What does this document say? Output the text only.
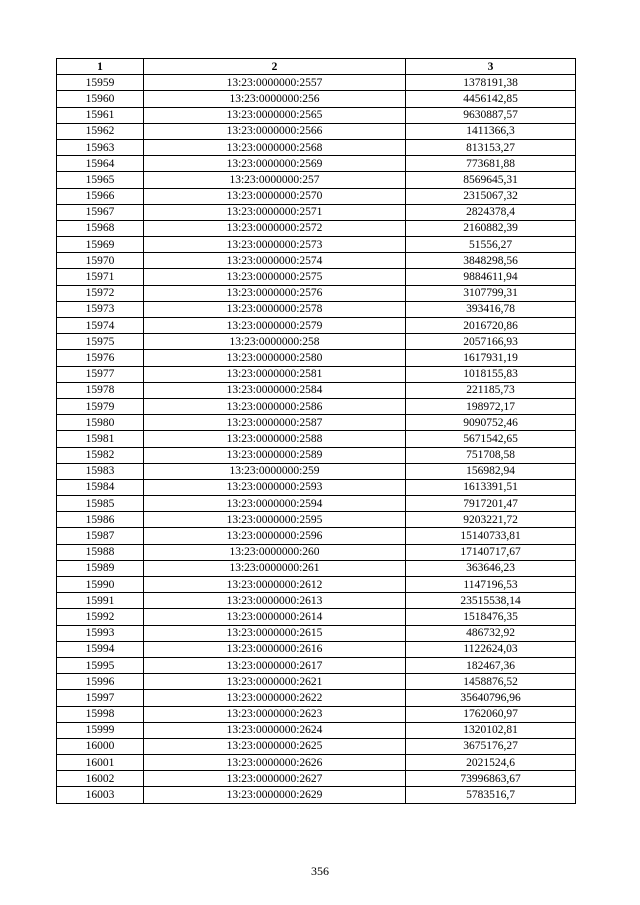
1	2	3
15959	13:23:0000000:2557	1378191,38
15960	13:23:0000000:256	4456142,85
15961	13:23:0000000:2565	9630887,57
15962	13:23:0000000:2566	1411366,3
15963	13:23:0000000:2568	813153,27
15964	13:23:0000000:2569	773681,88
15965	13:23:0000000:257	8569645,31
15966	13:23:0000000:2570	2315067,32
15967	13:23:0000000:2571	2824378,4
15968	13:23:0000000:2572	2160882,39
15969	13:23:0000000:2573	51556,27
15970	13:23:0000000:2574	3848298,56
15971	13:23:0000000:2575	9884611,94
15972	13:23:0000000:2576	3107799,31
15973	13:23:0000000:2578	393416,78
15974	13:23:0000000:2579	2016720,86
15975	13:23:0000000:258	2057166,93
15976	13:23:0000000:2580	1617931,19
15977	13:23:0000000:2581	1018155,83
15978	13:23:0000000:2584	221185,73
15979	13:23:0000000:2586	198972,17
15980	13:23:0000000:2587	9090752,46
15981	13:23:0000000:2588	5671542,65
15982	13:23:0000000:2589	751708,58
15983	13:23:0000000:259	156982,94
15984	13:23:0000000:2593	1613391,51
15985	13:23:0000000:2594	7917201,47
15986	13:23:0000000:2595	9203221,72
15987	13:23:0000000:2596	15140733,81
15988	13:23:0000000:260	17140717,67
15989	13:23:0000000:261	363646,23
15990	13:23:0000000:2612	1147196,53
15991	13:23:0000000:2613	23515538,14
15992	13:23:0000000:2614	1518476,35
15993	13:23:0000000:2615	486732,92
15994	13:23:0000000:2616	1122624,03
15995	13:23:0000000:2617	182467,36
15996	13:23:0000000:2621	1458876,52
15997	13:23:0000000:2622	35640796,96
15998	13:23:0000000:2623	1762060,97
15999	13:23:0000000:2624	1320102,81
16000	13:23:0000000:2625	3675176,27
16001	13:23:0000000:2626	2021524,6
16002	13:23:0000000:2627	73996863,67
16003	13:23:0000000:2629	5783516,7
356
